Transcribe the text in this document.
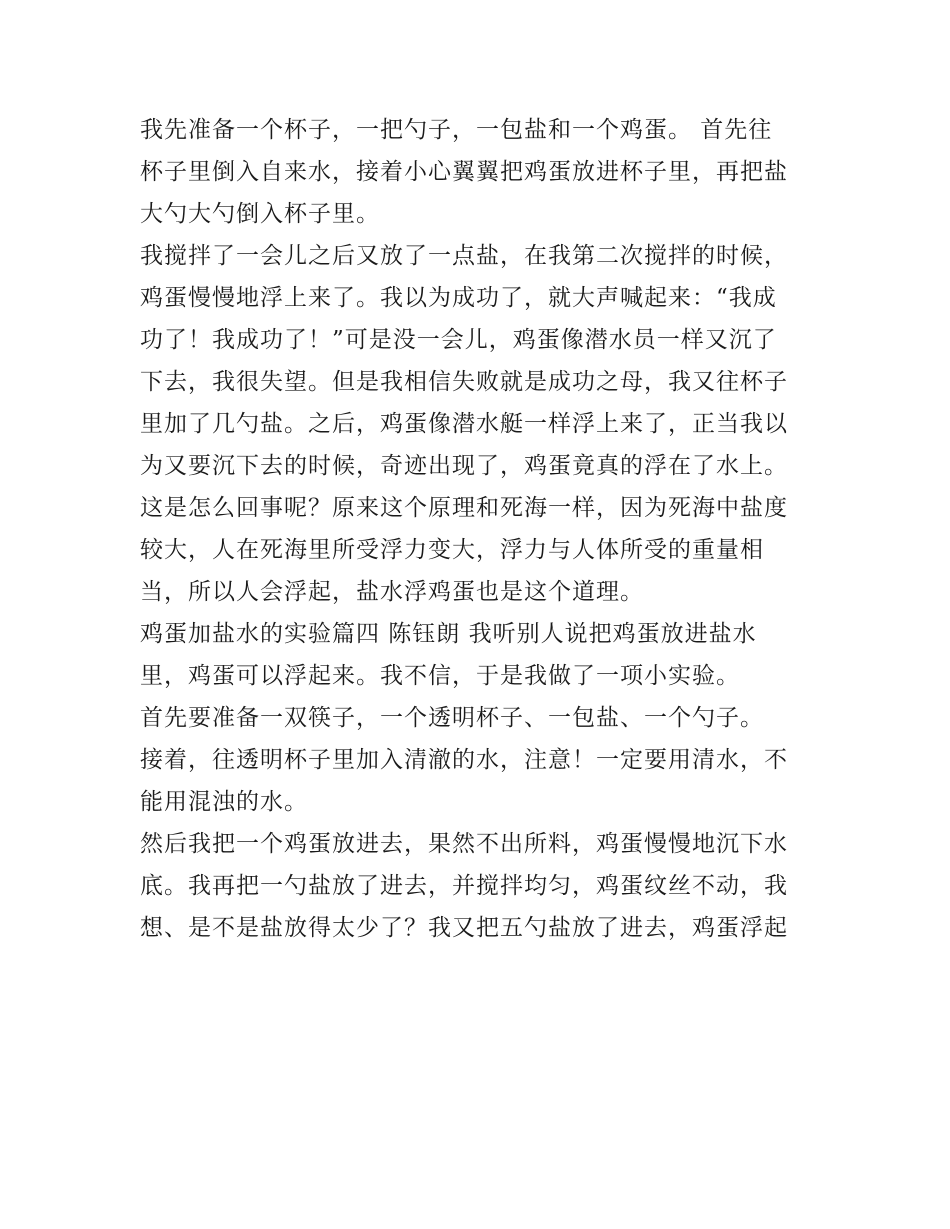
我先准备一个杯子，一把勺子，一包盐和一个鸡蛋。 首先往
杯子里倒入自来水，接着小心翼翼把鸡蛋放进杯子里，再把盐
大勺大勺倒入杯子里。
我搅拌了一会儿之后又放了一点盐，在我第二次搅拌的时候，
鸡蛋慢慢地浮上来了。我以为成功了，就大声喊起来：“我成
功了！我成功了！”可是没一会儿，鸡蛋像潜水员一样又沉了
下去，我很失望。但是我相信失败就是成功之母，我又往杯子
里加了几勺盐。之后，鸡蛋像潜水艇一样浮上来了，正当我以
为又要沉下去的时候，奇迹出现了，鸡蛋竟真的浮在了水上。
这是怎么回事呢？原来这个原理和死海一样，因为死海中盐度
较大，人在死海里所受浮力变大，浮力与人体所受的重量相
当，所以人会浮起，盐水浮鸡蛋也是这个道理。
鸡蛋加盐水的实验篇四 陈钰朗 我听别人说把鸡蛋放进盐水
里，鸡蛋可以浮起来。我不信，于是我做了一项小实验。
首先要准备一双筷子，一个透明杯子、一包盐、一个勺子。
接着，往透明杯子里加入清澈的水，注意！一定要用清水，不
能用混浊的水。
然后我把一个鸡蛋放进去，果然不出所料，鸡蛋慢慢地沉下水
底。我再把一勺盐放了进去，并搅拌均匀，鸡蛋纹丝不动，我
想、是不是盐放得太少了？我又把五勺盐放了进去，鸡蛋浮起
